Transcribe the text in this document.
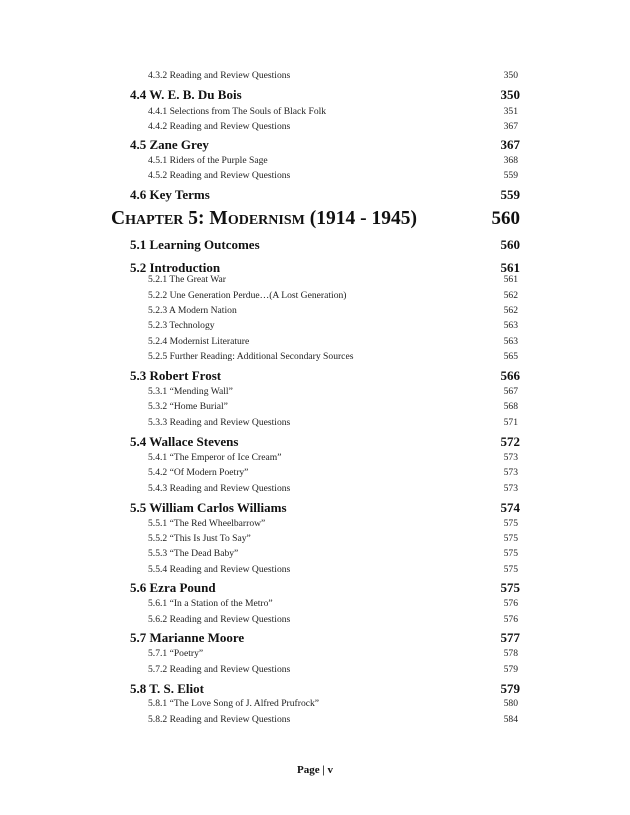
4.3.2 Reading and Review Questions	350
4.4 W. E. B. Du Bois	350
4.4.1 Selections from The Souls of Black Folk	351
4.4.2 Reading and Review Questions	367
4.5 Zane Grey	367
4.5.1 Riders of the Purple Sage	368
4.5.2 Reading and Review Questions	559
4.6 Key Terms	559
Chapter 5: Modernism (1914 - 1945)	560
5.1 Learning Outcomes	560
5.2 Introduction	561
5.2.1 The Great War	561
5.2.2 Une Generation Perdue…(A Lost Generation)	562
5.2.3 A Modern Nation	562
5.2.3 Technology	563
5.2.4 Modernist Literature	563
5.2.5 Further Reading: Additional Secondary Sources	565
5.3 Robert Frost	566
5.3.1 “Mending Wall”	567
5.3.2 “Home Burial”	568
5.3.3 Reading and Review Questions	571
5.4 Wallace Stevens	572
5.4.1 “The Emperor of Ice Cream”	573
5.4.2 “Of Modern Poetry”	573
5.4.3 Reading and Review Questions	573
5.5 William Carlos Williams	574
5.5.1 “The Red Wheelbarrow”	575
5.5.2 “This Is Just To Say”	575
5.5.3 “The Dead Baby”	575
5.5.4 Reading and Review Questions	575
5.6 Ezra Pound	575
5.6.1 “In a Station of the Metro”	576
5.6.2 Reading and Review Questions	576
5.7 Marianne Moore	577
5.7.1 “Poetry”	578
5.7.2 Reading and Review Questions	579
5.8 T. S. Eliot	579
5.8.1 “The Love Song of J. Alfred Prufrock”	580
5.8.2 Reading and Review Questions	584
Page | v
